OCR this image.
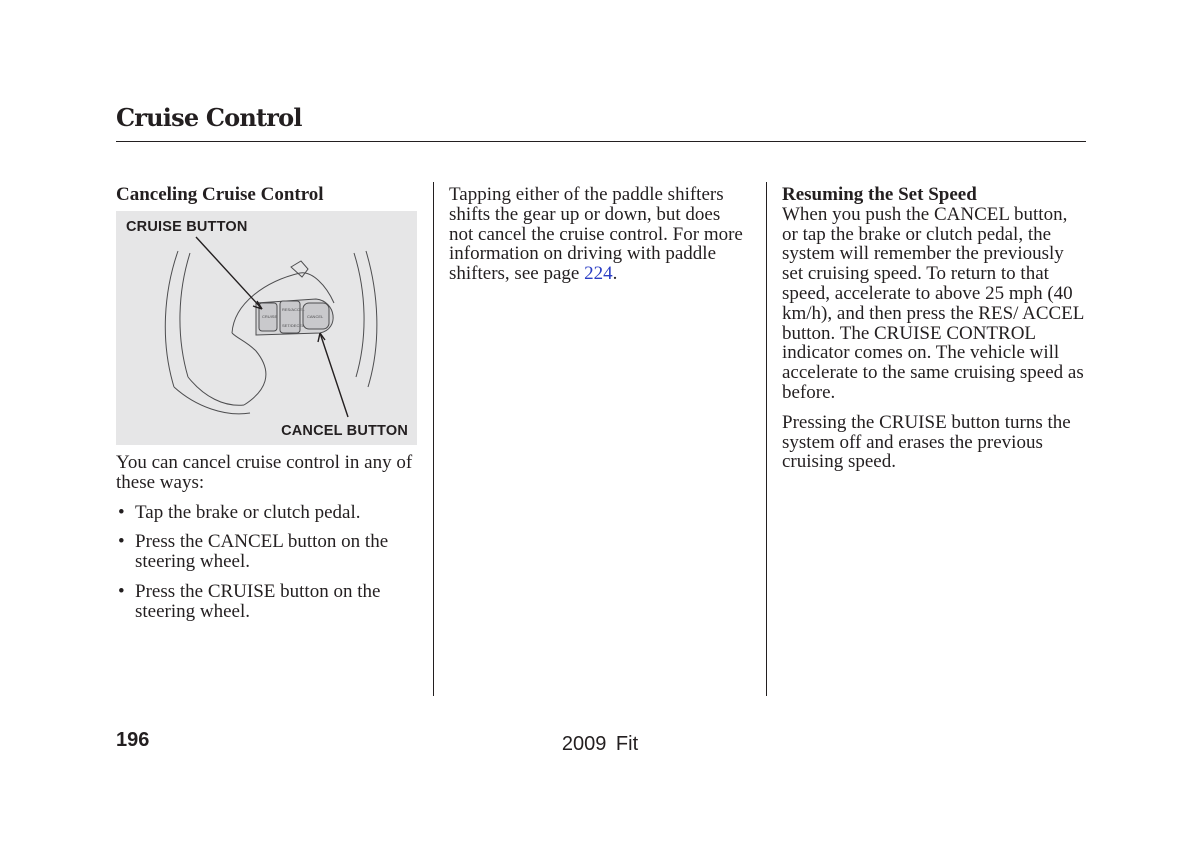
Cruise Control
Canceling Cruise Control
CRUISE BUTTON
CANCEL BUTTON
CRUISE
RES/ACCEL
SET/DECEL
CANCEL

You can cancel cruise control in any of these ways:

• Tap the brake or clutch pedal.
• Press the CANCEL button on the steering wheel.
• Press the CRUISE button on the steering wheel.

Tapping either of the paddle shifters shifts the gear up or down, but does not cancel the cruise control. For more information on driving with paddle shifters, see page 224.

Resuming the Set Speed

When you push the CANCEL button, or tap the brake or clutch pedal, the system will remember the previously set cruising speed. To return to that speed, accelerate to above 25 mph (40 km/h), and then press the RES/ ACCEL button. The CRUISE CONTROL indicator comes on. The vehicle will accelerate to the same cruising speed as before.

Pressing the CRUISE button turns the system off and erases the previous cruising speed.

196	2009 Fit
